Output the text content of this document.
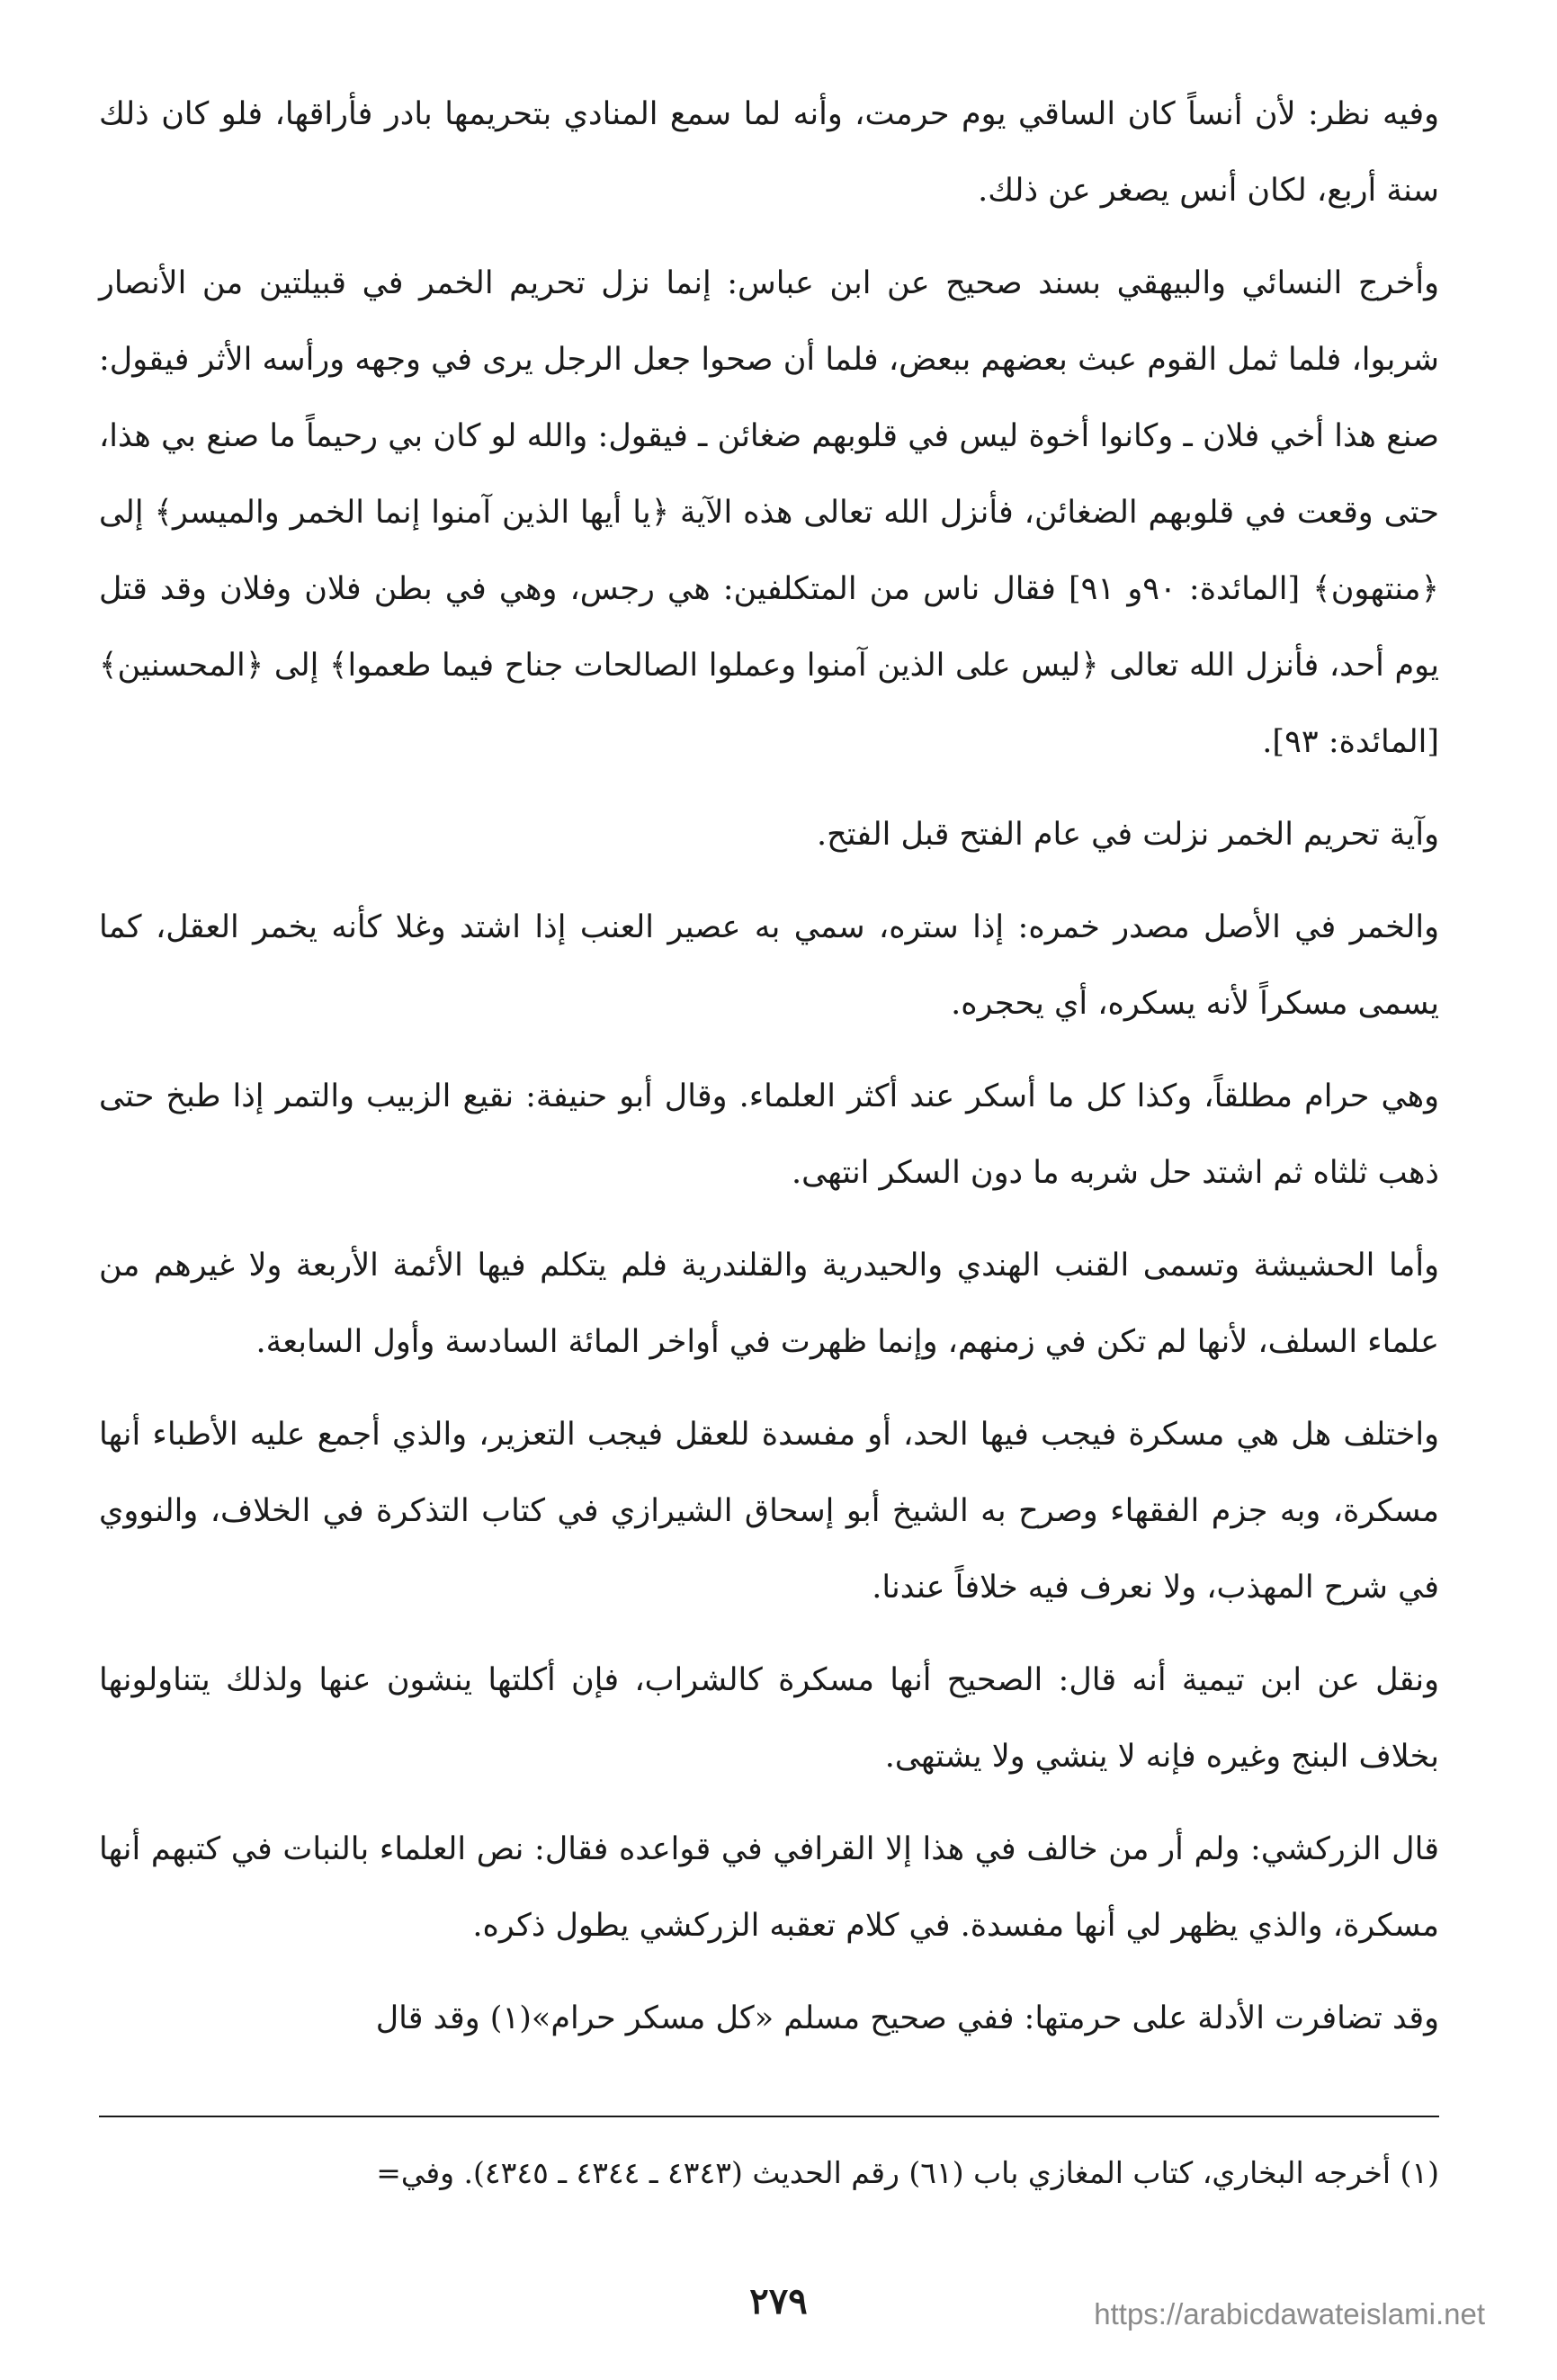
وفيه نظر: لأن أنساً كان الساقي يوم حرمت، وأنه لما سمع المنادي بتحريمها بادر فأراقها، فلو كان ذلك سنة أربع، لكان أنس يصغر عن ذلك.

وأخرج النسائي والبيهقي بسند صحيح عن ابن عباس: إنما نزل تحريم الخمر في قبيلتين من الأنصار شربوا، فلما ثمل القوم عبث بعضهم ببعض، فلما أن صحوا جعل الرجل يرى في وجهه ورأسه الأثر فيقول: صنع هذا أخي فلان ـ وكانوا أخوة ليس في قلوبهم ضغائن ـ فيقول: والله لو كان بي رحيماً ما صنع بي هذا، حتى وقعت في قلوبهم الضغائن، فأنزل الله تعالى هذه الآية ﴿يا أيها الذين آمنوا إنما الخمر والميسر﴾ إلى ﴿منتهون﴾ [المائدة: ٩٠و ٩١] فقال ناس من المتكلفين: هي رجس، وهي في بطن فلان وفلان وقد قتل يوم أحد، فأنزل الله تعالى ﴿ليس على الذين آمنوا وعملوا الصالحات جناح فيما طعموا﴾ إلى ﴿المحسنين﴾ [المائدة: ٩٣].

وآية تحريم الخمر نزلت في عام الفتح قبل الفتح.

والخمر في الأصل مصدر خمره: إذا ستره، سمي به عصير العنب إذا اشتد وغلا كأنه يخمر العقل، كما يسمى مسكراً لأنه يسكره، أي يحجره.

وهي حرام مطلقاً، وكذا كل ما أسكر عند أكثر العلماء. وقال أبو حنيفة: نقيع الزبيب والتمر إذا طبخ حتى ذهب ثلثاه ثم اشتد حل شربه ما دون السكر انتهى.

وأما الحشيشة وتسمى القنب الهندي والحيدرية والقلندرية فلم يتكلم فيها الأئمة الأربعة ولا غيرهم من علماء السلف، لأنها لم تكن في زمنهم، وإنما ظهرت في أواخر المائة السادسة وأول السابعة.

واختلف هل هي مسكرة فيجب فيها الحد، أو مفسدة للعقل فيجب التعزير، والذي أجمع عليه الأطباء أنها مسكرة، وبه جزم الفقهاء وصرح به الشيخ أبو إسحاق الشيرازي في كتاب التذكرة في الخلاف، والنووي في شرح المهذب، ولا نعرف فيه خلافاً عندنا.

ونقل عن ابن تيمية أنه قال: الصحيح أنها مسكرة كالشراب، فإن أكلتها ينشون عنها ولذلك يتناولونها بخلاف البنج وغيره فإنه لا ينشي ولا يشتهى.

قال الزركشي: ولم أر من خالف في هذا إلا القرافي في قواعده فقال: نص العلماء بالنبات في كتبهم أنها مسكرة، والذي يظهر لي أنها مفسدة. في كلام تعقبه الزركشي يطول ذكره.

وقد تضافرت الأدلة على حرمتها: ففي صحيح مسلم «كل مسكر حرام»(١) وقد قال

(١) أخرجه البخاري، كتاب المغازي باب (٦١) رقم الحديث (٤٣٤٣ ـ ٤٣٤٤ ـ ٤٣٤٥). وفي=
٢٧٩	https://arabicdawateislami.net
